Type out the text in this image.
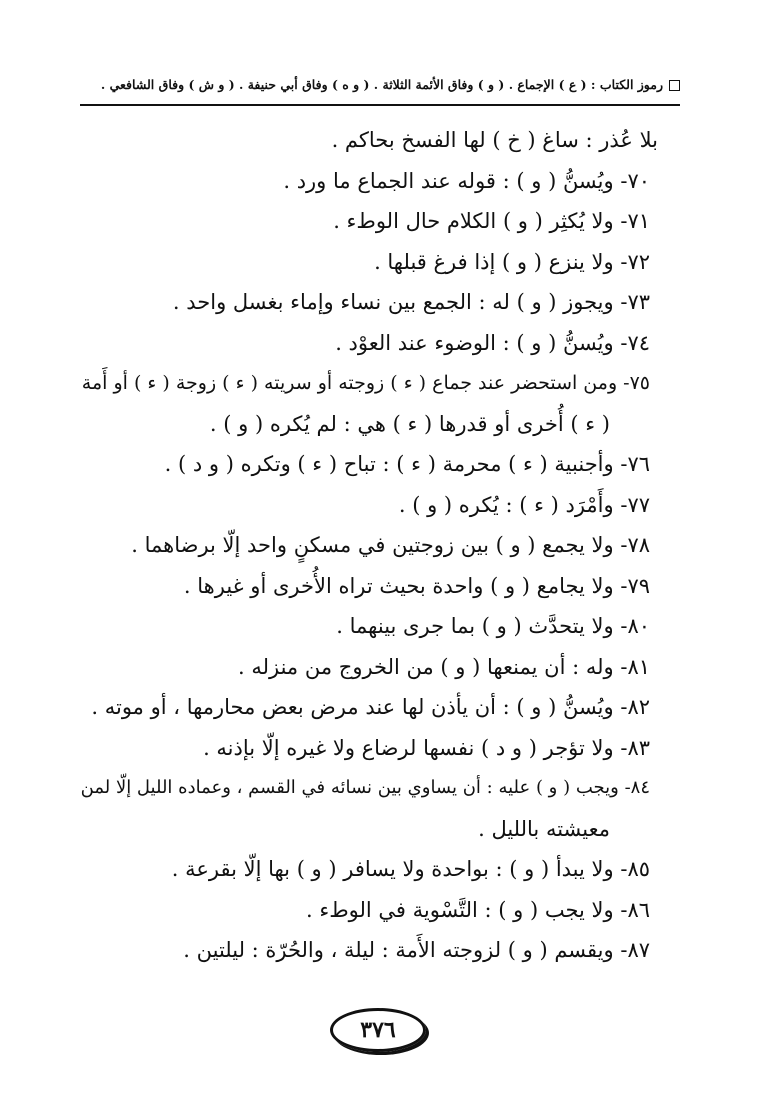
رموز الكتاب : ( ع ) الإجماع . ( و ) وفاق الأئمة الثلاثة . ( و ه ) وفاق أبي حنيفة . ( و ش ) وفاق الشافعي .
بلا عُذر : ساغ ( خ ) لها الفسخ بحاكم .
٧٠- ويُسنُّ ( و ) : قوله عند الجماع ما ورد .
٧١- ولا يُكثِر ( و ) الكلام حال الوطء .
٧٢- ولا ينزع ( و ) إذا فرغ قبلها .
٧٣- ويجوز ( و ) له : الجمع بين نساء وإماء بغسل واحد .
٧٤- ويُسنُّ ( و ) : الوضوء عند العوْد .
٧٥- ومن استحضر عند جماع ( ء ) زوجته أو سريته ( ء ) زوجة ( ء ) أو أَمة
( ء ) أُخرى أو قدرها ( ء ) هي : لم يُكره ( و ) .
٧٦- وأجنبية ( ء ) محرمة ( ء ) : تباح ( ء ) وتكره ( و د ) .
٧٧- وأَمْرَد ( ء ) : يُكره ( و ) .
٧٨- ولا يجمع ( و ) بين زوجتين في مسكنٍ واحد إلّا برضاهما .
٧٩- ولا يجامع ( و ) واحدة بحيث تراه الأُخرى أو غيرها .
٨٠- ولا يتحدَّث ( و ) بما جرى بينهما .
٨١- وله : أن يمنعها ( و ) من الخروج من منزله .
٨٢- ويُسنُّ ( و ) : أن يأذن لها عند مرض بعض محارمها ، أو موته .
٨٣- ولا تؤجر ( و د ) نفسها لرضاع ولا غيره إلّا بإذنه .
٨٤- ويجب ( و ) عليه : أن يساوي بين نسائه في القسم ، وعماده الليل إلّا لمن
معيشته بالليل .
٨٥- ولا يبدأ ( و ) : بواحدة ولا يسافر ( و ) بها إلّا بقرعة .
٨٦- ولا يجب ( و ) : التَّسْوية في الوطء .
٨٧- ويقسم ( و ) لزوجته الأَمة : ليلة ، والحُرّة : ليلتين .
٣٧٦
